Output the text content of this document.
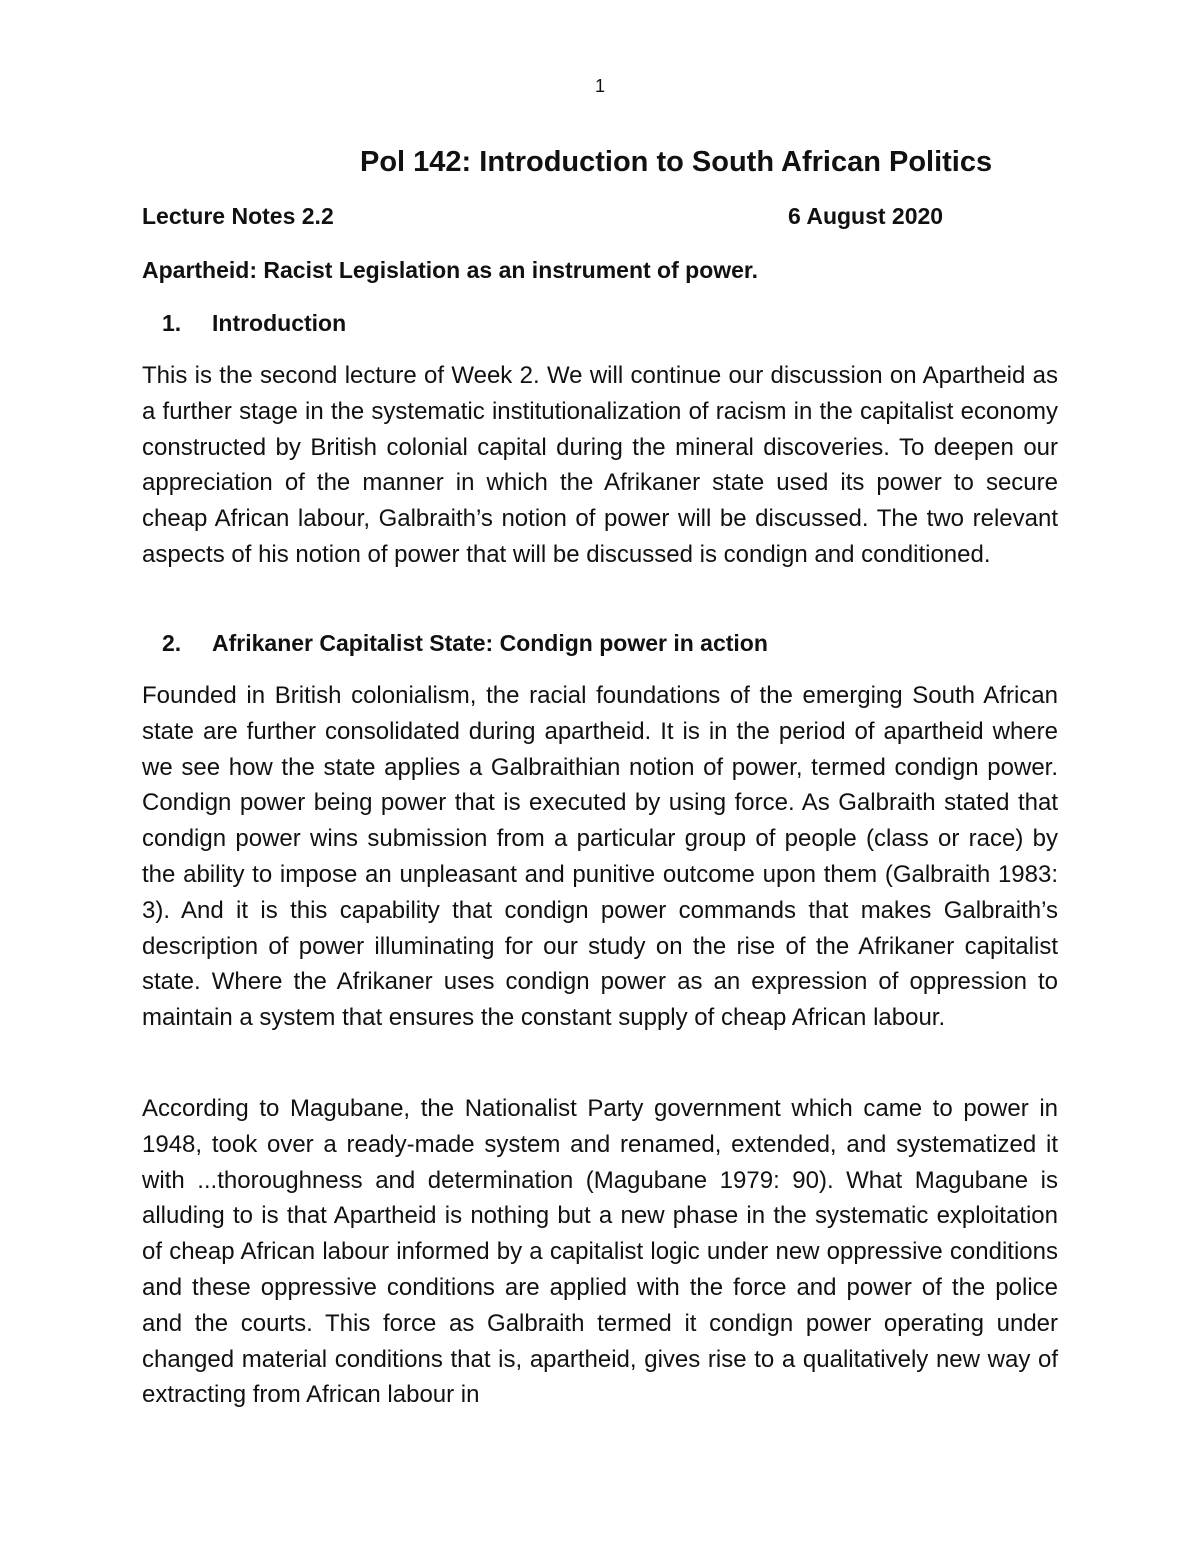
1
Pol 142: Introduction to South African Politics
Lecture Notes 2.2	6 August 2020
Apartheid: Racist Legislation as an instrument of power.
1. Introduction

This is the second lecture of Week 2. We will continue our discussion on Apartheid as a further stage in the systematic institutionalization of racism in the capitalist economy constructed by British colonial capital during the mineral discoveries. To deepen our appreciation of the manner in which the Afrikaner state used its power to secure cheap African labour, Galbraith’s notion of power will be discussed. The two relevant aspects of his notion of power that will be discussed is condign and conditioned.

2. Afrikaner Capitalist State: Condign power in action

Founded in British colonialism, the racial foundations of the emerging South African state are further consolidated during apartheid. It is in the period of apartheid where we see how the state applies a Galbraithian notion of power, termed condign power. Condign power being power that is executed by using force. As Galbraith stated that condign power wins submission from a particular group of people (class or race) by the ability to impose an unpleasant and punitive outcome upon them (Galbraith 1983: 3). And it is this capability that condign power commands that makes Galbraith’s description of power illuminating for our study on the rise of the Afrikaner capitalist state. Where the Afrikaner uses condign power as an expression of oppression to maintain a system that ensures the constant supply of cheap African labour.

According to Magubane, the Nationalist Party government which came to power in 1948, took over a ready-made system and renamed, extended, and systematized it with ...thoroughness and determination (Magubane 1979: 90). What Magubane is alluding to is that Apartheid is nothing but a new phase in the systematic exploitation of cheap African labour informed by a capitalist logic under new oppressive conditions and these oppressive conditions are applied with the force and power of the police and the courts. This force as Galbraith termed it condign power operating under changed material conditions that is, apartheid, gives rise to a qualitatively new way of extracting from African labour in
